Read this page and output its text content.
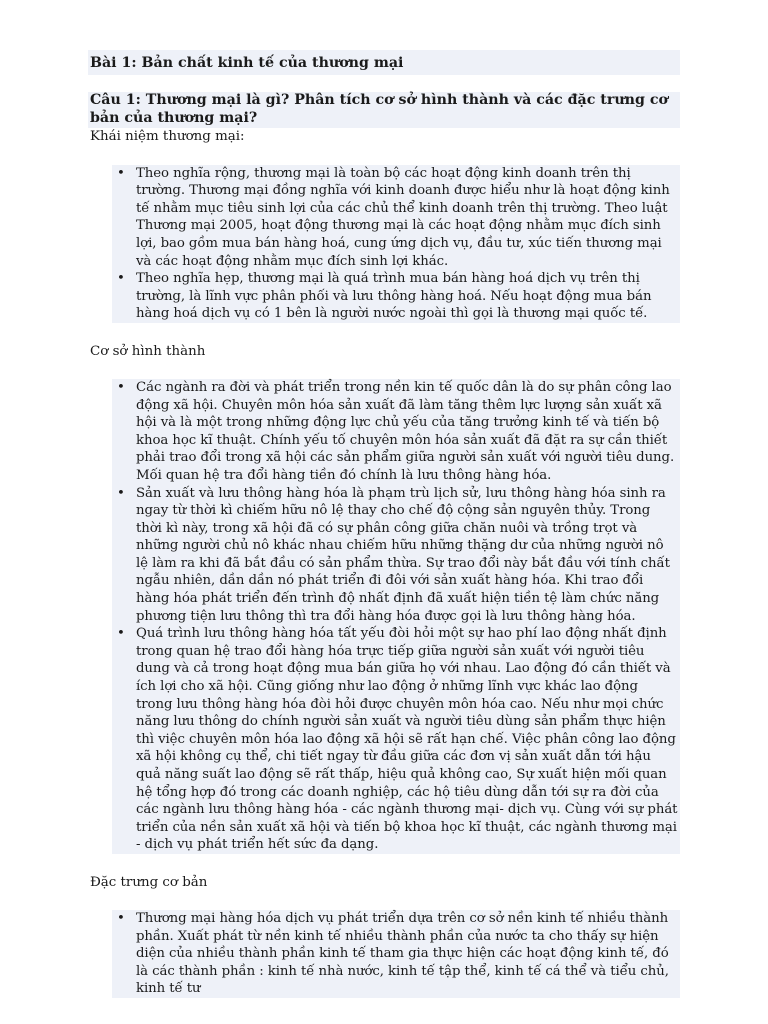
Bài 1: Bản chất kinh tế của thương mại

Câu 1: Thương mại là gì? Phân tích cơ sở hình thành và các đặc trưng cơ bản của thương mại?

Khái niệm thương mại:

• Theo nghĩa rộng, thương mại là toàn bộ các hoạt động kinh doanh trên thị trường. Thương mại đồng nghĩa với kinh doanh được hiểu như là hoạt động kinh tế nhằm mục tiêu sinh lợi của các chủ thể kinh doanh trên thị trường. Theo luật Thương mại 2005, hoạt động thương mại là các hoạt động nhằm mục đích sinh lợi, bao gồm mua bán hàng hoá, cung ứng dịch vụ, đầu tư, xúc tiến thương mại và các hoạt động nhằm mục đích sinh lợi khác.
• Theo nghĩa hẹp, thương mại là quá trình mua bán hàng hoá dịch vụ trên thị trường, là lĩnh vực phân phối và lưu thông hàng hoá. Nếu hoạt động mua bán hàng hoá dịch vụ có 1 bên là người nước ngoài thì gọi là thương mại quốc tế.

Cơ sở hình thành

• Các ngành ra đời và phát triển trong nền kin tế quốc dân là do sự phân công lao động xã hội. Chuyên môn hóa sản xuất đã làm tăng thêm lực lượng sản xuất xã hội và là một trong những động lực chủ yếu của tăng trưởng kinh tế và tiến bộ khoa học kĩ thuật. Chính yếu tố chuyên môn hóa sản xuất đã đặt ra sự cần thiết phải trao đổi trong xã hội các sản phẩm giữa người sản xuất với người tiêu dung. Mối quan hệ tra đổi hàng tiền đó chính là lưu thông hàng hóa.
• Sản xuất và lưu thông hàng hóa là phạm trù lịch sử, lưu thông hàng hóa sinh ra ngay từ thời kì chiếm hữu nô lệ thay cho chế độ cộng sản nguyên thủy. Trong thời kì này, trong xã hội đã có sự phân công giữa chăn nuôi và trồng trọt và những người chủ nô khác nhau chiếm hữu những thặng dư của những người nô lệ làm ra khi đã bắt đầu có sản phẩm thừa. Sự trao đổi này bắt đầu với tính chất ngẫu nhiên, dần dần nó phát triển đi đôi với sản xuất hàng hóa. Khi trao đổi hàng hóa phát triển đến trình độ nhất định đã xuất hiện tiền tệ làm chức năng phương tiện lưu thông thì tra đổi hàng hóa được gọi là lưu thông hàng hóa.
• Quá trình lưu thông hàng hóa tất yếu đòi hỏi một sự hao phí lao động nhất định trong quan hệ trao đổi hàng hóa trực tiếp giữa người sản xuất với người tiêu dung và cả trong hoạt động mua bán giữa họ với nhau. Lao động đó cần thiết và ích lợi cho xã hội. Cũng giống như lao động ở những lĩnh vực khác lao động trong lưu thông hàng hóa đòi hỏi được chuyên môn hóa cao. Nếu như mọi chức năng lưu thông do chính người sản xuất và người tiêu dùng sản phẩm thực hiện thì việc chuyên môn hóa lao động xã hội sẽ rất hạn chế. Việc phân công lao động xã hội không cụ thể, chi tiết ngay từ đầu giữa các đơn vị sản xuất dẫn tới hậu quả năng suất lao động sẽ rất thấp, hiệu quả không cao, Sự xuất hiện mối quan hệ tổng hợp đó trong các doanh nghiệp, các hộ tiêu dùng dẫn tới sự ra đời của các ngành lưu thông hàng hóa - các ngành thương mại- dịch vụ. Cùng với sự phát triển của nền sản xuất xã hội và tiến bộ khoa học kĩ thuật, các ngành thương mại - dịch vụ phát triển hết sức đa dạng.

Đặc trưng cơ bản

• Thương mại hàng hóa dịch vụ phát triển dựa trên cơ sở nền kinh tế nhiều thành phần. Xuất phát từ nền kinh tế nhiều thành phần của nước ta cho thấy sự hiện diện của nhiều thành phần kinh tế tham gia thực hiện các hoạt động kinh tế, đó là các thành phần : kinh tế nhà nước, kinh tế tập thể, kinh tế cá thể và tiểu chủ, kinh tế tư
